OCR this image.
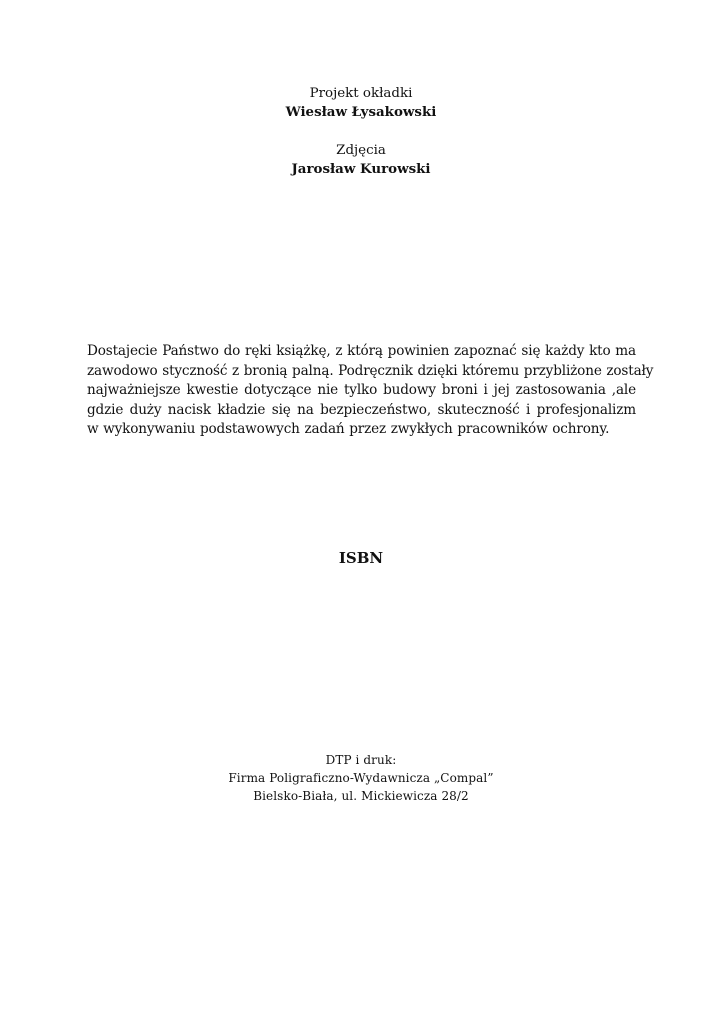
Projekt okładki
Wiesław Łysakowski
Zdjęcia
Jarosław Kurowski
Dostajecie Państwo do ręki książkę, z którą powinien zapoznać się każdy kto ma
zawodowo styczność z bronią palną. Podręcznik dzięki któremu przybliżone zostały
najważniejsze kwestie dotyczące nie tylko budowy broni i jej zastosowania ,ale
gdzie duży nacisk kładzie się na bezpieczeństwo, skuteczność i profesjonalizm
w wykonywaniu podstawowych zadań przez zwykłych pracowników ochrony.
ISBN
DTP i druk:
Firma Poligraficzno-Wydawnicza „Compal”
Bielsko-Biała, ul. Mickiewicza 28/2
